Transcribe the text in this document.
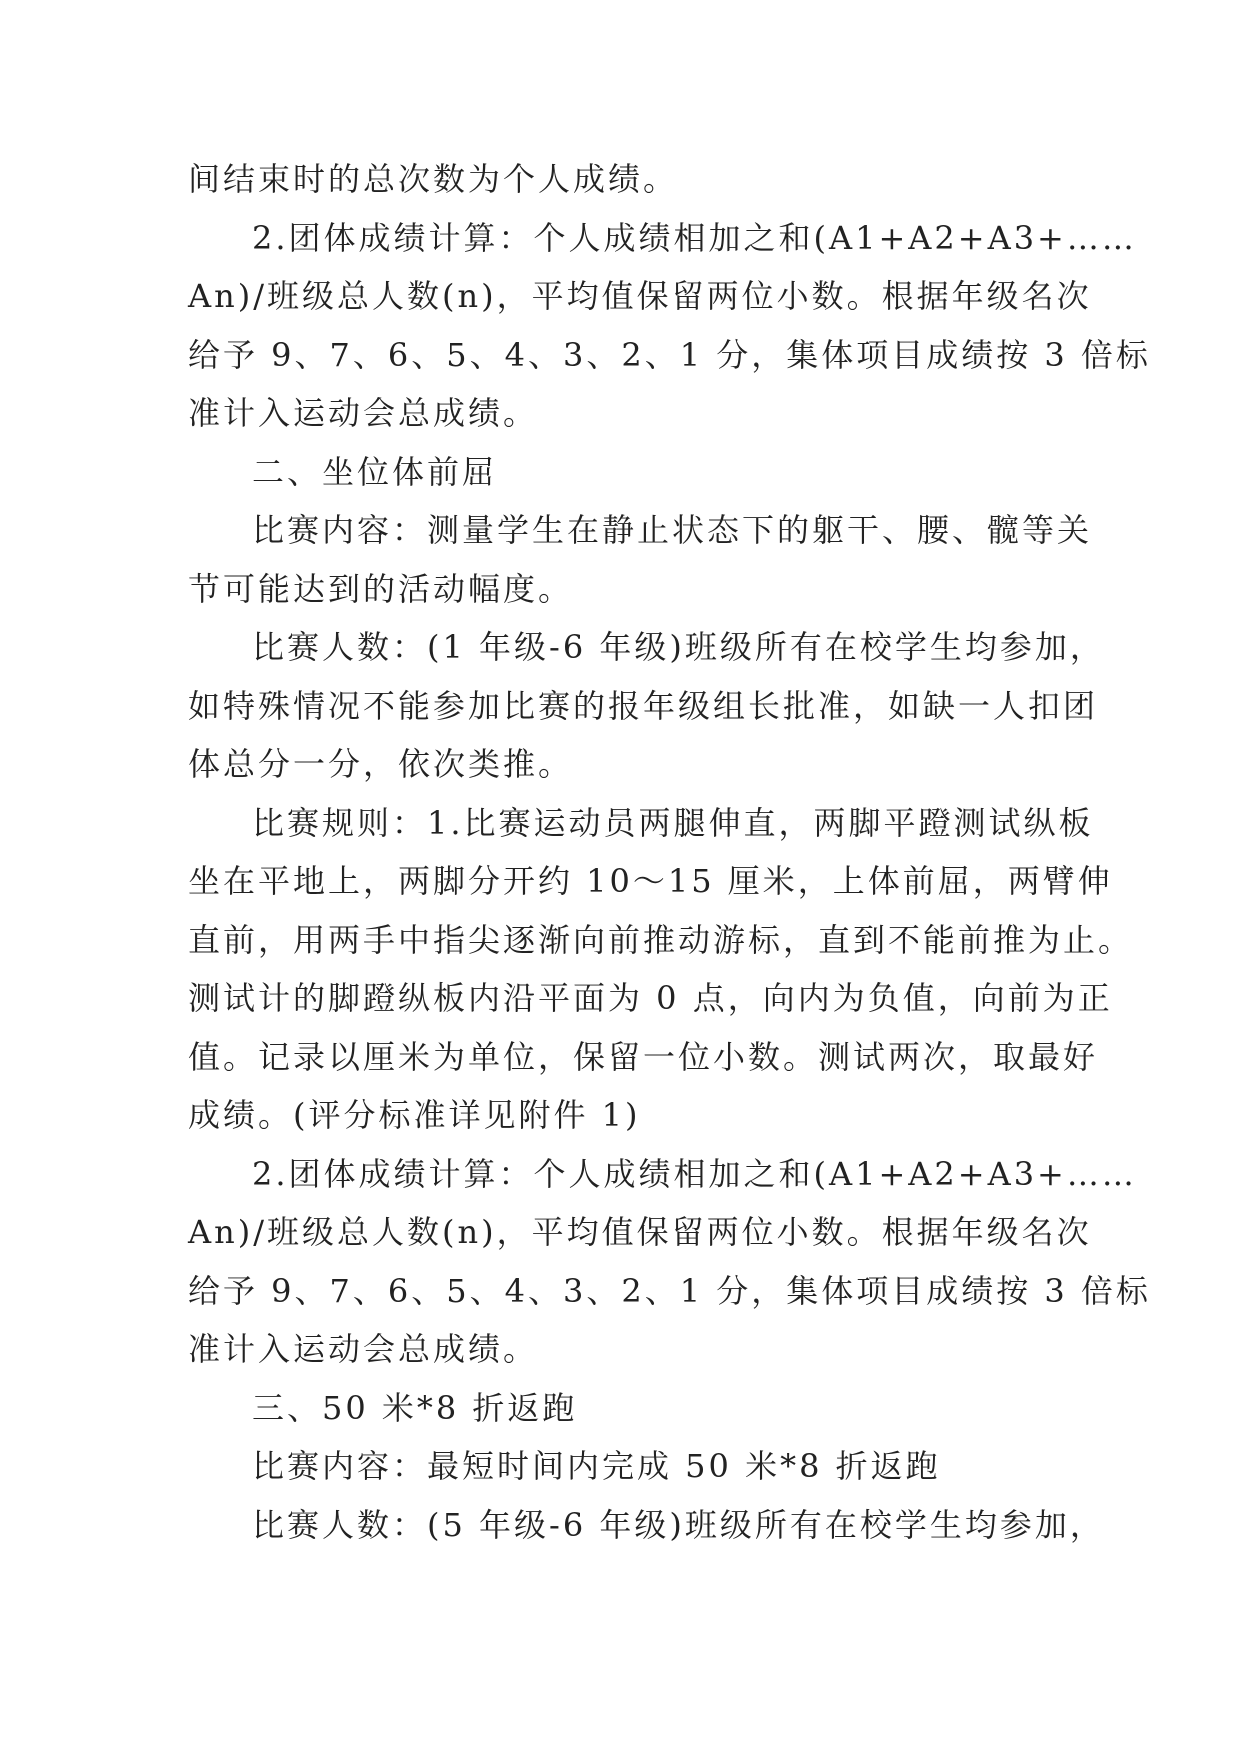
间结束时的总次数为个人成绩。
2.团体成绩计算：个人成绩相加之和(A1+A2+A3+……
An)/班级总人数(n)，平均值保留两位小数。根据年级名次
给予 9、7、6、5、4、3、2、1 分，集体项目成绩按 3 倍标
准计入运动会总成绩。
二、坐位体前屈
比赛内容：测量学生在静止状态下的躯干、腰、髋等关
节可能达到的活动幅度。
比赛人数：(1 年级-6 年级)班级所有在校学生均参加，
如特殊情况不能参加比赛的报年级组长批准，如缺一人扣团
体总分一分，依次类推。
比赛规则：1.比赛运动员两腿伸直，两脚平蹬测试纵板
坐在平地上，两脚分开约 10～15 厘米，上体前屈，两臂伸
直前，用两手中指尖逐渐向前推动游标，直到不能前推为止。
测试计的脚蹬纵板内沿平面为 0 点，向内为负值，向前为正
值。记录以厘米为单位，保留一位小数。测试两次，取最好
成绩。(评分标准详见附件 1)
2.团体成绩计算：个人成绩相加之和(A1+A2+A3+……
An)/班级总人数(n)，平均值保留两位小数。根据年级名次
给予 9、7、6、5、4、3、2、1 分，集体项目成绩按 3 倍标
准计入运动会总成绩。
三、50 米*8 折返跑
比赛内容：最短时间内完成 50 米*8 折返跑
比赛人数：(5 年级-6 年级)班级所有在校学生均参加，
